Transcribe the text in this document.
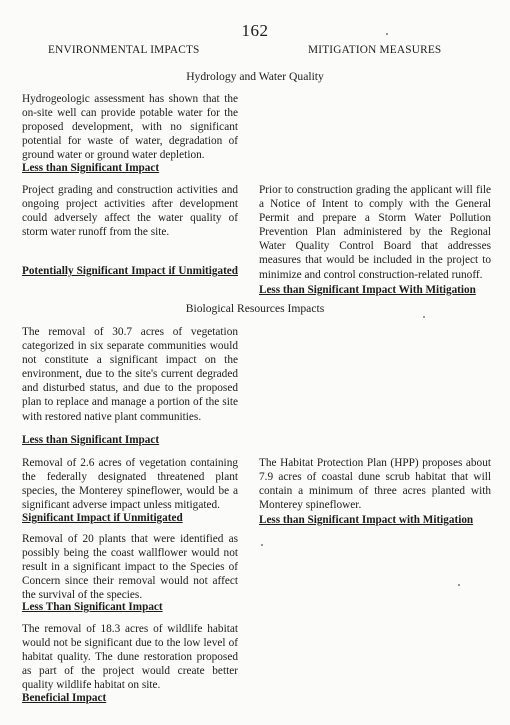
162
ENVIRONMENTAL IMPACTS	MITIGATION MEASURES
Hydrology and Water Quality
Hydrogeologic assessment has shown that the on-site well can provide potable water for the proposed development, with no significant potential for waste of water, degradation of ground water or ground water depletion.
Less than Significant Impact
Project grading and construction activities and ongoing project activities after development could adversely affect the water quality of storm water runoff from the site.
Potentially Significant Impact if Unmitigated
Prior to construction grading the applicant will file a Notice of Intent to comply with the General Permit and prepare a Storm Water Pollution Prevention Plan administered by the Regional Water Quality Control Board that addresses measures that would be included in the project to minimize and control construction-related runoff.
Less than Significant Impact With Mitigation
Biological Resources Impacts
The removal of 30.7 acres of vegetation categorized in six separate communities would not constitute a significant impact on the environment, due to the site's current degraded and disturbed status, and due to the proposed plan to replace and manage a portion of the site with restored native plant communities.
Less than Significant Impact
Removal of 2.6 acres of vegetation containing the federally designated threatened plant species, the Monterey spineflower, would be a significant adverse impact unless mitigated.
Significant Impact if Unmitigated
The Habitat Protection Plan (HPP) proposes about 7.9 acres of coastal dune scrub habitat that will contain a minimum of three acres planted with Monterey spineflower.
Less than Significant Impact with Mitigation
Removal of 20 plants that were identified as possibly being the coast wallflower would not result in a significant impact to the Species of Concern since their removal would not affect the survival of the species.
Less Than Significant Impact
The removal of 18.3 acres of wildlife habitat would not be significant due to the low level of habitat quality. The dune restoration proposed as part of the project would create better quality wildlife habitat on site.
Beneficial Impact
